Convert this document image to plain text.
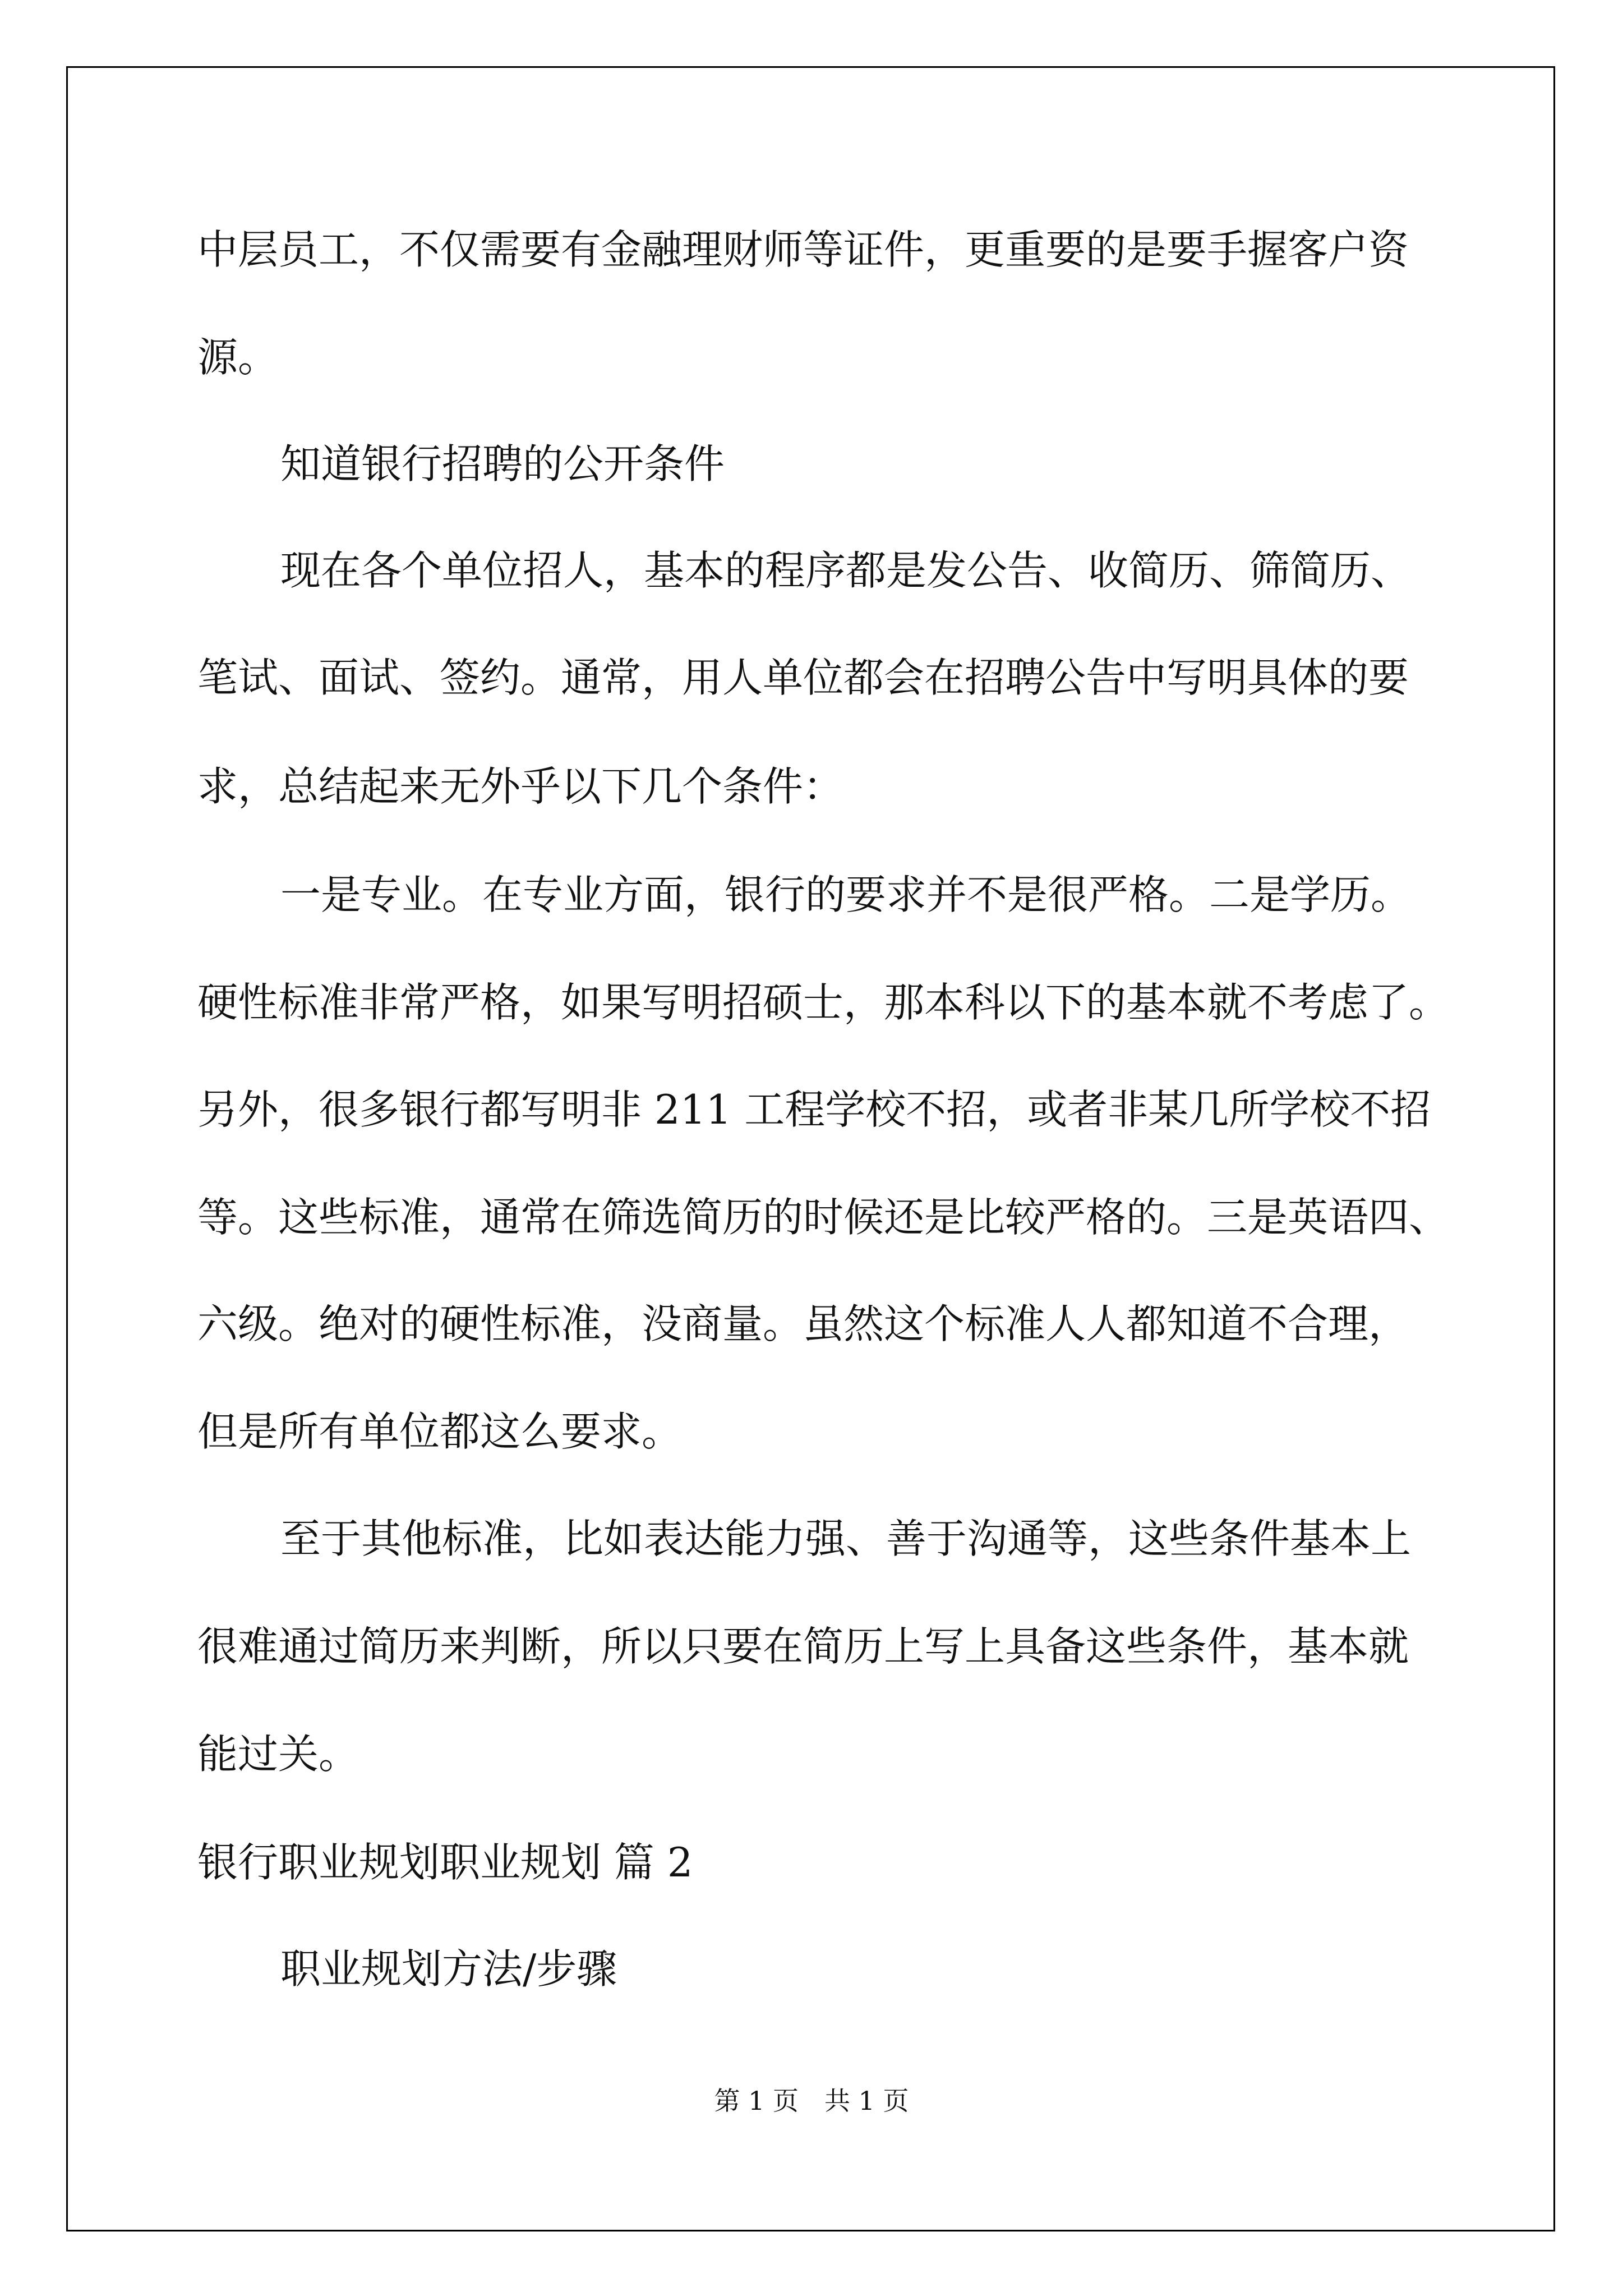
中层员工，不仅需要有金融理财师等证件，更重要的是要手握客户资

源。

知道银行招聘的公开条件

现在各个单位招人，基本的程序都是发公告、收简历、筛简历、

笔试、面试、签约。通常，用人单位都会在招聘公告中写明具体的要

求，总结起来无外乎以下几个条件：

一是专业。在专业方面，银行的要求并不是很严格。二是学历。

硬性标准非常严格，如果写明招硕士，那本科以下的基本就不考虑了。

另外，很多银行都写明非 211 工程学校不招，或者非某几所学校不招

等。这些标准，通常在筛选简历的时候还是比较严格的。三是英语四、

六级。绝对的硬性标准，没商量。虽然这个标准人人都知道不合理，

但是所有单位都这么要求。

至于其他标准，比如表达能力强、善于沟通等，这些条件基本上

很难通过简历来判断，所以只要在简历上写上具备这些条件，基本就

能过关。

银行职业规划职业规划 篇 2

职业规划方法/步骤

第 1 页　共 1 页
